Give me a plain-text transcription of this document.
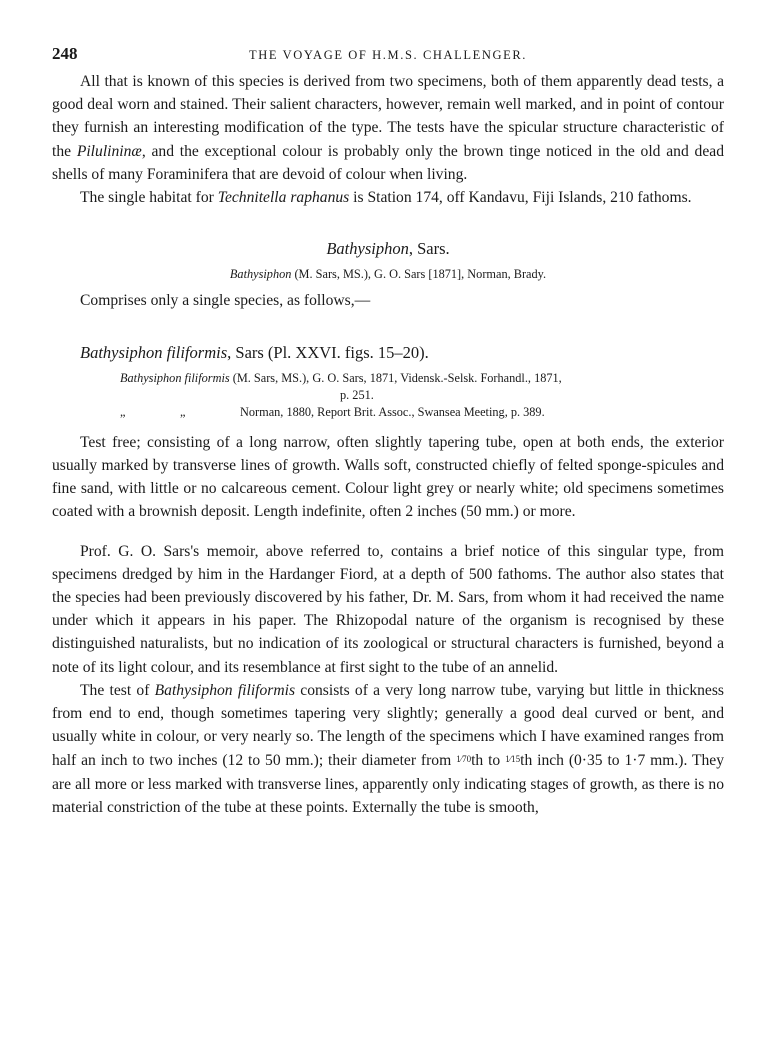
248	THE VOYAGE OF H.M.S. CHALLENGER.

All that is known of this species is derived from two specimens, both of them apparently dead tests, a good deal worn and stained. Their salient characters, however, remain well marked, and in point of contour they furnish an interesting modification of the type. The tests have the spicular structure characteristic of the Pilulininæ, and the exceptional colour is probably only the brown tinge noticed in the old and dead shells of many Foraminifera that are devoid of colour when living.

The single habitat for Technitella raphanus is Station 174, off Kandavu, Fiji Islands, 210 fathoms.

Bathysiphon, Sars.

Bathysiphon (M. Sars, MS.), G. O. Sars [1871], Norman, Brady.

Comprises only a single species, as follows,—

Bathysiphon filiformis, Sars (Pl. XXVI. figs. 15–20).

Bathysiphon filiformis (M. Sars, MS.), G. O. Sars, 1871, Vidensk.-Selsk. Forhandl., 1871,

p. 251.

„	„	Norman, 1880, Report Brit. Assoc., Swansea Meeting, p. 389.

Test free; consisting of a long narrow, often slightly tapering tube, open at both ends, the exterior usually marked by transverse lines of growth. Walls soft, constructed chiefly of felted sponge-spicules and fine sand, with little or no calcareous cement. Colour light grey or nearly white; old specimens sometimes coated with a brownish deposit. Length indefinite, often 2 inches (50 mm.) or more.

Prof. G. O. Sars's memoir, above referred to, contains a brief notice of this singular type, from specimens dredged by him in the Hardanger Fiord, at a depth of 500 fathoms. The author also states that the species had been previously discovered by his father, Dr. M. Sars, from whom it had received the name under which it appears in his paper. The Rhizopodal nature of the organism is recognised by these distinguished naturalists, but no indication of its zoological or structural characters is furnished, beyond a note of its light colour, and its resemblance at first sight to the tube of an annelid.

The test of Bathysiphon filiformis consists of a very long narrow tube, varying but little in thickness from end to end, though sometimes tapering very slightly; generally a good deal curved or bent, and usually white in colour, or very nearly so. The length of the specimens which I have examined ranges from half an inch to two inches (12 to 50 mm.); their diameter from 1⁄70th to 1⁄15th inch (0·35 to 1·7 mm.). They are all more or less marked with transverse lines, apparently only indicating stages of growth, as there is no material constriction of the tube at these points. Externally the tube is smooth,
